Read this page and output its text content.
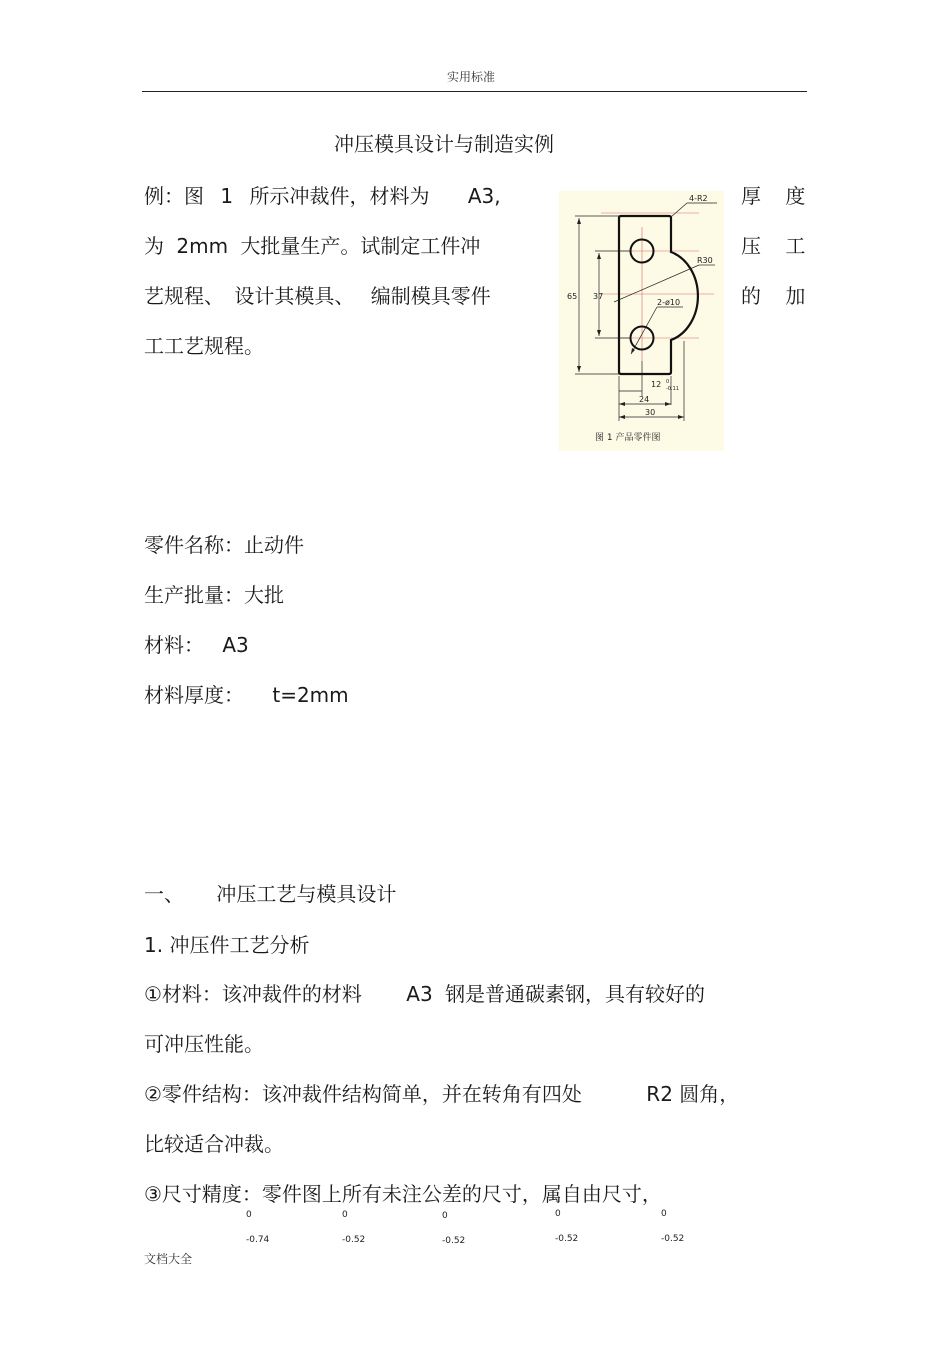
实用标准
冲压模具设计与制造实例
例：图 1 所示冲裁件，材料为 A3,
为 2mm 大批量生产。试制定工件冲
艺规程、 设计其模具、 编制模具零件
工工艺规程。
厚 度
压 工
的 加
4-R2
R30
2-ø10
65 37
12 0
-0.11
24
30
图 1 产品零件图
零件名称：止动件
生产批量：大批
材料： A3
材料厚度： t=2mm
一、 冲压工艺与模具设计
1. 冲压件工艺分析
①材料：该冲裁件的材料 A3 钢是普通碳素钢，具有较好的
可冲压性能。
②零件结构：该冲裁件结构简单，并在转角有四处	R2 圆角，
比较适合冲裁。
③尺寸精度：零件图上所有未注公差的尺寸，属自由尺寸，
0
-0.74
0
-0.52
0
-0.52
0
-0.52
0
-0.52
文档大全
